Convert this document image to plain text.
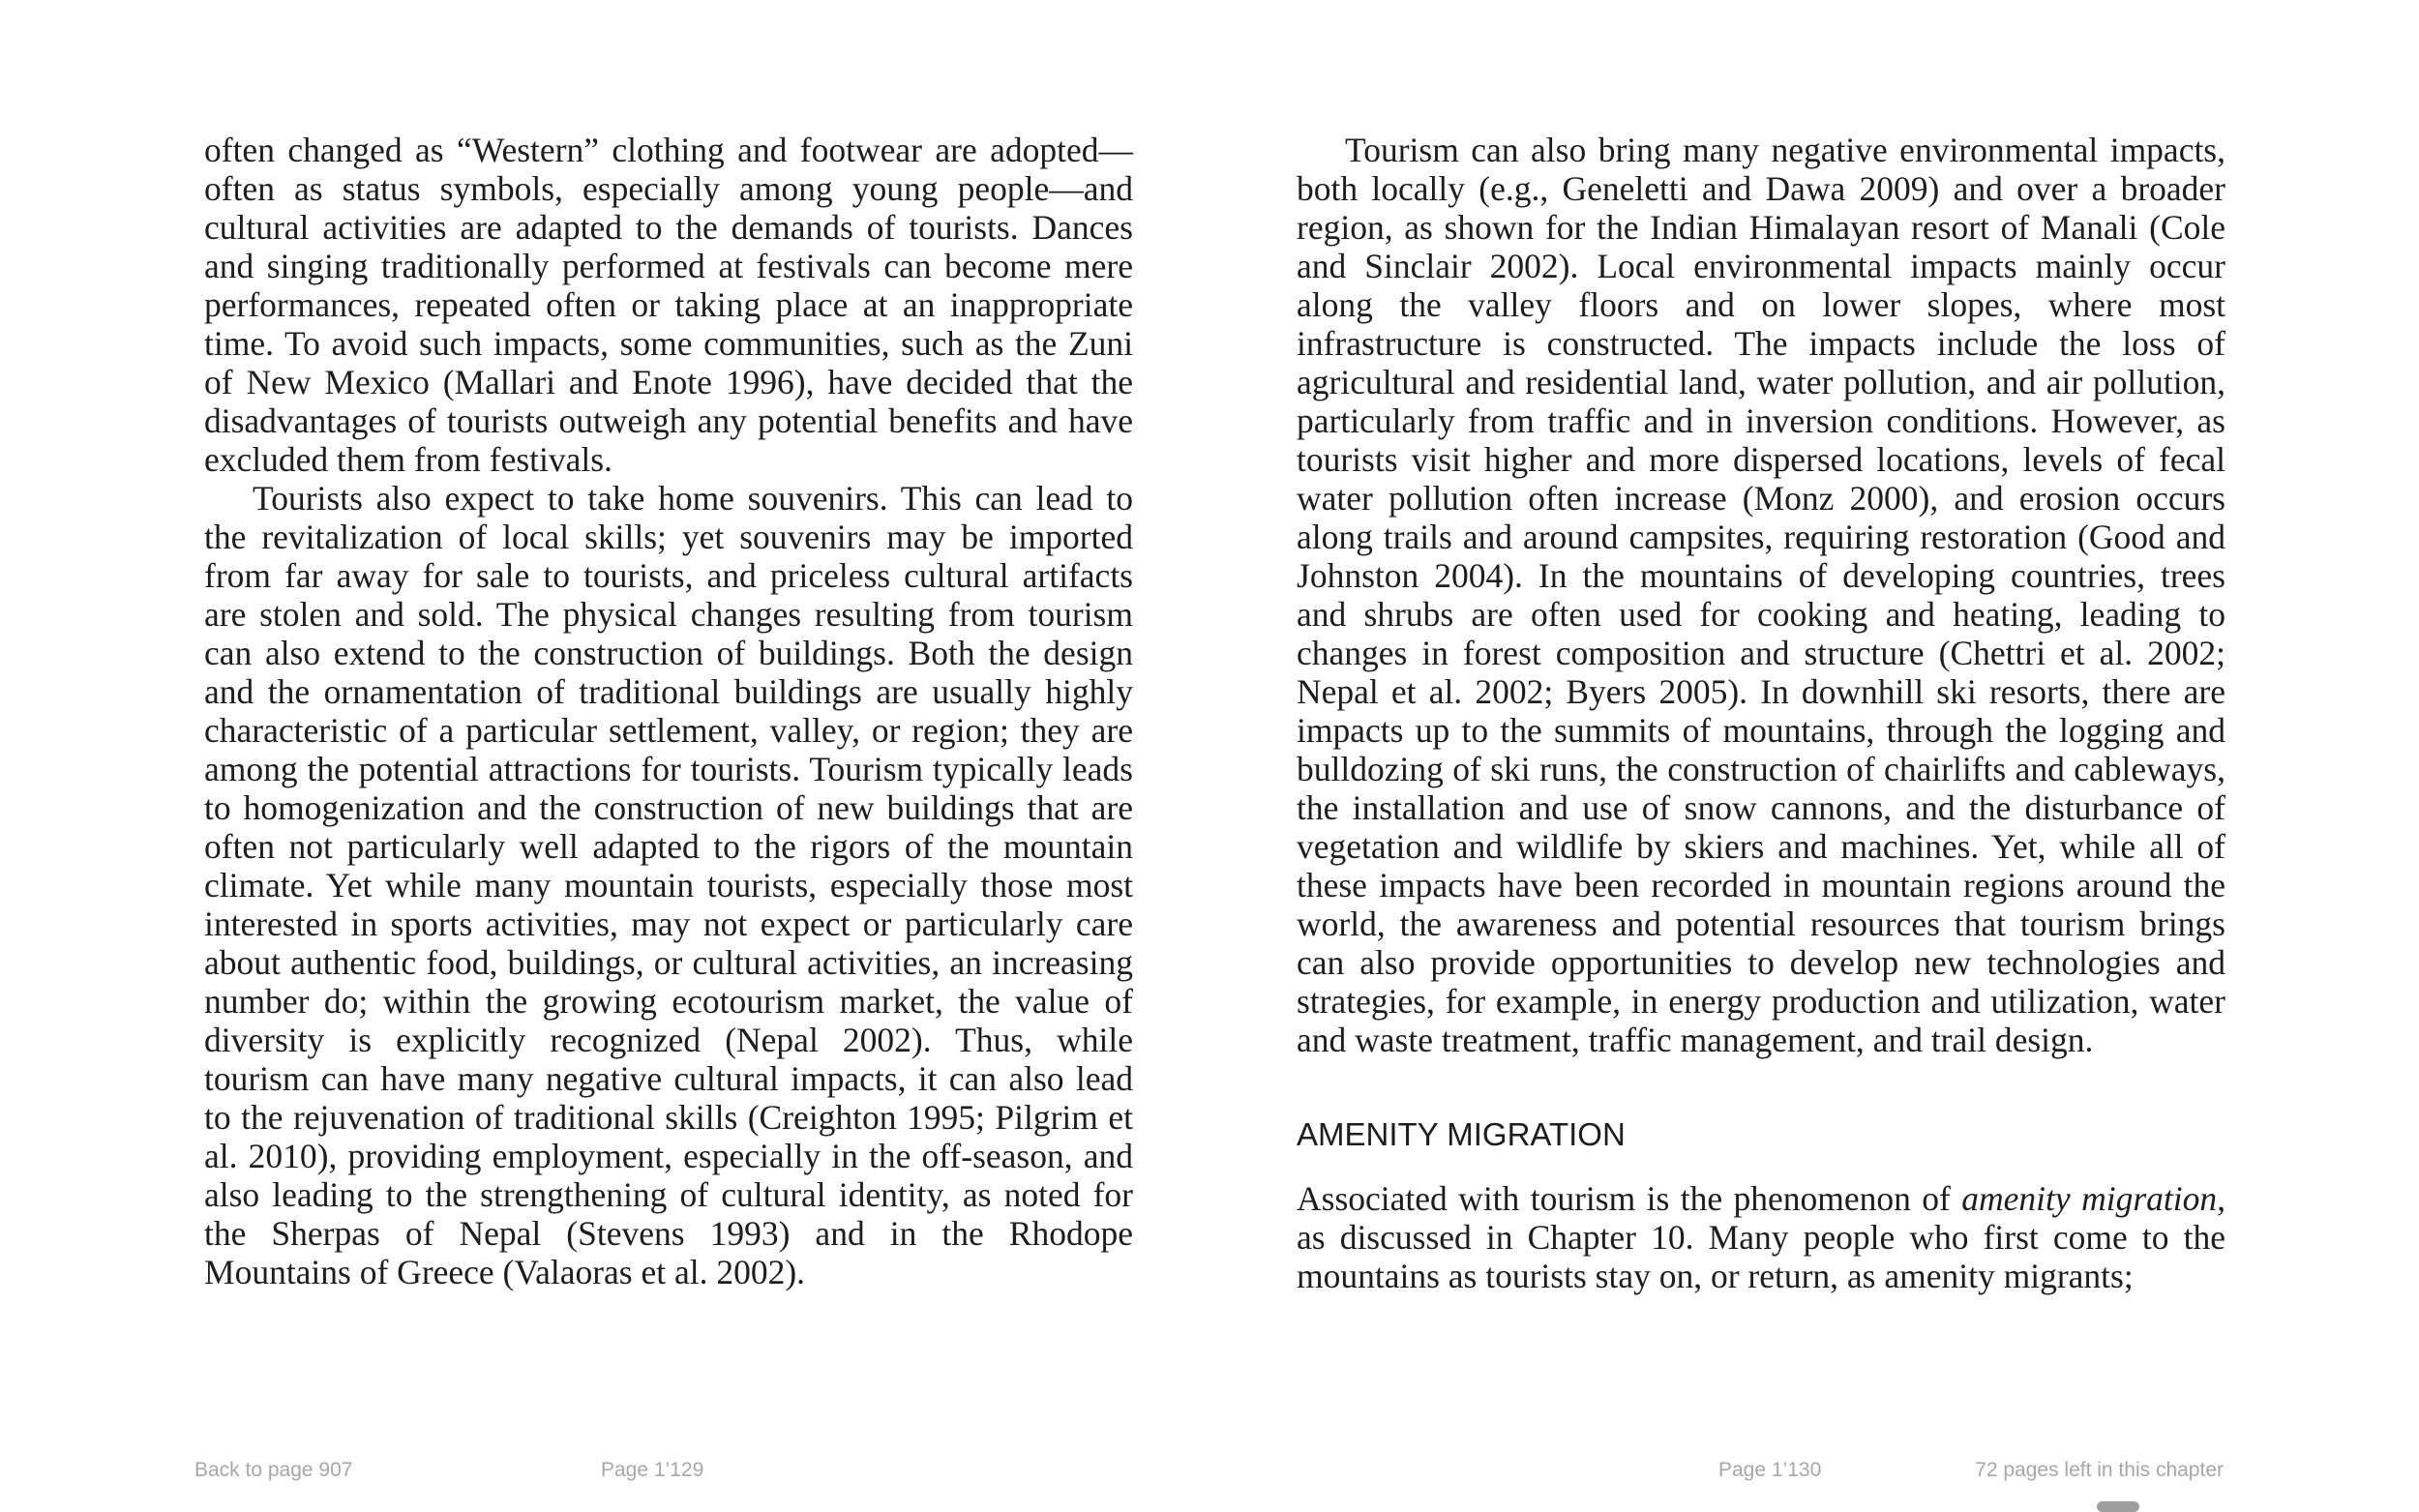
often changed as “Western” clothing and footwear are adopted—often as status symbols, especially among young people—and cultural activities are adapted to the demands of tourists. Dances and singing traditionally performed at festivals can become mere performances, repeated often or taking place at an inappropriate time. To avoid such impacts, some communities, such as the Zuni of New Mexico (Mallari and Enote 1996), have decided that the disadvantages of tourists outweigh any potential benefits and have excluded them from festivals.

Tourists also expect to take home souvenirs. This can lead to the revitalization of local skills; yet souvenirs may be imported from far away for sale to tourists, and priceless cultural artifacts are stolen and sold. The physical changes resulting from tourism can also extend to the construction of buildings. Both the design and the ornamentation of traditional buildings are usually highly characteristic of a particular settlement, valley, or region; they are among the potential attractions for tourists. Tourism typically leads to homogenization and the construction of new buildings that are often not particularly well adapted to the rigors of the mountain climate. Yet while many mountain tourists, especially those most interested in sports activities, may not expect or particularly care about authentic food, buildings, or cultural activities, an increasing number do; within the growing ecotourism market, the value of diversity is explicitly recognized (Nepal 2002). Thus, while tourism can have many negative cultural impacts, it can also lead to the rejuvenation of traditional skills (Creighton 1995; Pilgrim et al. 2010), providing employment, especially in the off-season, and also leading to the strengthening of cultural identity, as noted for the Sherpas of Nepal (Stevens 1993) and in the Rhodope Mountains of Greece (Valaoras et al. 2002).

Tourism can also bring many negative environmental impacts, both locally (e.g., Geneletti and Dawa 2009) and over a broader region, as shown for the Indian Himalayan resort of Manali (Cole and Sinclair 2002). Local environmental impacts mainly occur along the valley floors and on lower slopes, where most infrastructure is constructed. The impacts include the loss of agricultural and residential land, water pollution, and air pollution, particularly from traffic and in inversion conditions. However, as tourists visit higher and more dispersed locations, levels of fecal water pollution often increase (Monz 2000), and erosion occurs along trails and around campsites, requiring restoration (Good and Johnston 2004). In the mountains of developing countries, trees and shrubs are often used for cooking and heating, leading to changes in forest composition and structure (Chettri et al. 2002; Nepal et al. 2002; Byers 2005). In downhill ski resorts, there are impacts up to the summits of mountains, through the logging and bulldozing of ski runs, the construction of chairlifts and cableways, the installation and use of snow cannons, and the disturbance of vegetation and wildlife by skiers and machines. Yet, while all of these impacts have been recorded in mountain regions around the world, the awareness and potential resources that tourism brings can also provide opportunities to develop new technologies and strategies, for example, in energy production and utilization, water and waste treatment, traffic management, and trail design.

AMENITY MIGRATION

Associated with tourism is the phenomenon of amenity migration, as discussed in Chapter 10. Many people who first come to the mountains as tourists stay on, or return, as amenity migrants;

Back to page 907	Page 1’129	Page 1’130	72 pages left in this chapter
